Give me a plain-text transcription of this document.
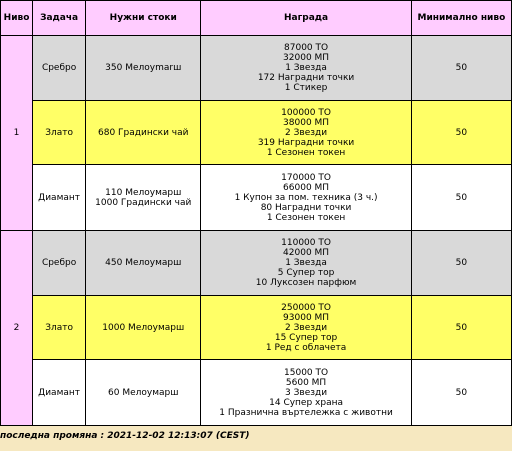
Ниво	Задача	Нужни стоки	Награда	Минимално ниво
1	Сребро	350 Мелоуmarш	87000 ТО
32000 МП
1 Звезда
172 Наградни точки
1 Стикер	50
	Злато	680 Градински чай	100000 ТО
38000 МП
2 Звезди
319 Наградни точки
1 Сезонен токен	50
	Диамант	110 Мелоумарш
1000 Градински чай	170000 ТО
66000 МП
1 Купон за пом. техника (3 ч.)
80 Наградни точки
1 Сезонен токен	50
2	Сребро	450 Мелоумарш	110000 ТО
42000 МП
1 Звезда
5 Супер тор
10 Луксозен парфюм	50
	Злато	1000 Мелоумарш	250000 ТО
93000 МП
2 Звезди
15 Супер тор
1 Ред с облачета	50
	Диамант	60 Мелоумарш	15000 ТО
5600 МП
3 Звезди
14 Супер храна
1 Празнична въртележка с животни	50
последна промяна : 2021-12-02 12:13:07 (CEST)
